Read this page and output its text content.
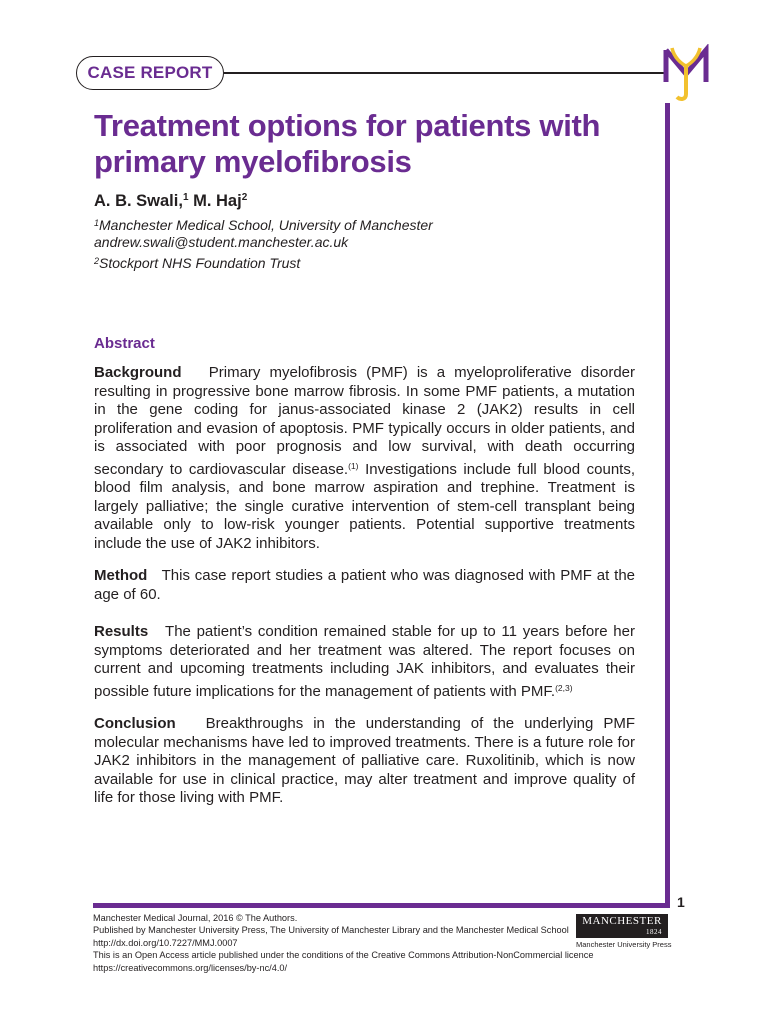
CASE REPORT
1
Treatment options for patients with primary myelofibrosis

A. B. Swali,$^1$ M. Haj$^2$

$^1$Manchester Medical School, University of Manchester
andrew.swali@student.manchester.ac.uk
$^2$Stockport NHS Foundation Trust
Abstract

Background Primary myelofibrosis (PMF) is a myeloproliferative disorder resulting in progressive bone marrow fibrosis. In some PMF patients, a mutation in the gene coding for janus-associated kinase 2 (JAK2) results in cell proliferation and evasion of apoptosis. PMF typically occurs in older patients, and is associated with poor prognosis and low survival, with death occurring secondary to cardiovascular disease.$^{(1)}$ Investigations include full blood counts, blood film analysis, and bone marrow aspiration and trephine. Treatment is largely palliative; the single curative intervention of stem-cell transplant being available only to low-risk younger patients. Potential supportive treatments include the use of JAK2 inhibitors.

Method This case report studies a patient who was diagnosed with PMF at the age of 60.

Results The patient’s condition remained stable for up to 11 years before her symptoms deteriorated and her treatment was altered. The report focuses on current and upcoming treatments including JAK inhibitors, and evaluates their possible future implications for the management of patients with PMF.$^{(2,3)}$

Conclusion Breakthroughs in the understanding of the underlying PMF molecular mechanisms have led to improved treatments. There is a future role for JAK2 inhibitors in the management of palliative care. Ruxolitinib, which is now available for use in clinical practice, may alter treatment and improve quality of life for those living with PMF.

Manchester Medical Journal, 2016 © The Authors.
Published by Manchester University Press, The University of Manchester Library and the Manchester Medical School
http://dx.doi.org/10.7227/MMJ.0007
This is an Open Access article published under the conditions of the Creative Commons Attribution-NonCommercial licence
https://creativecommons.org/licenses/by-nc/4.0/
MANCHESTER
1824
Manchester University Press
